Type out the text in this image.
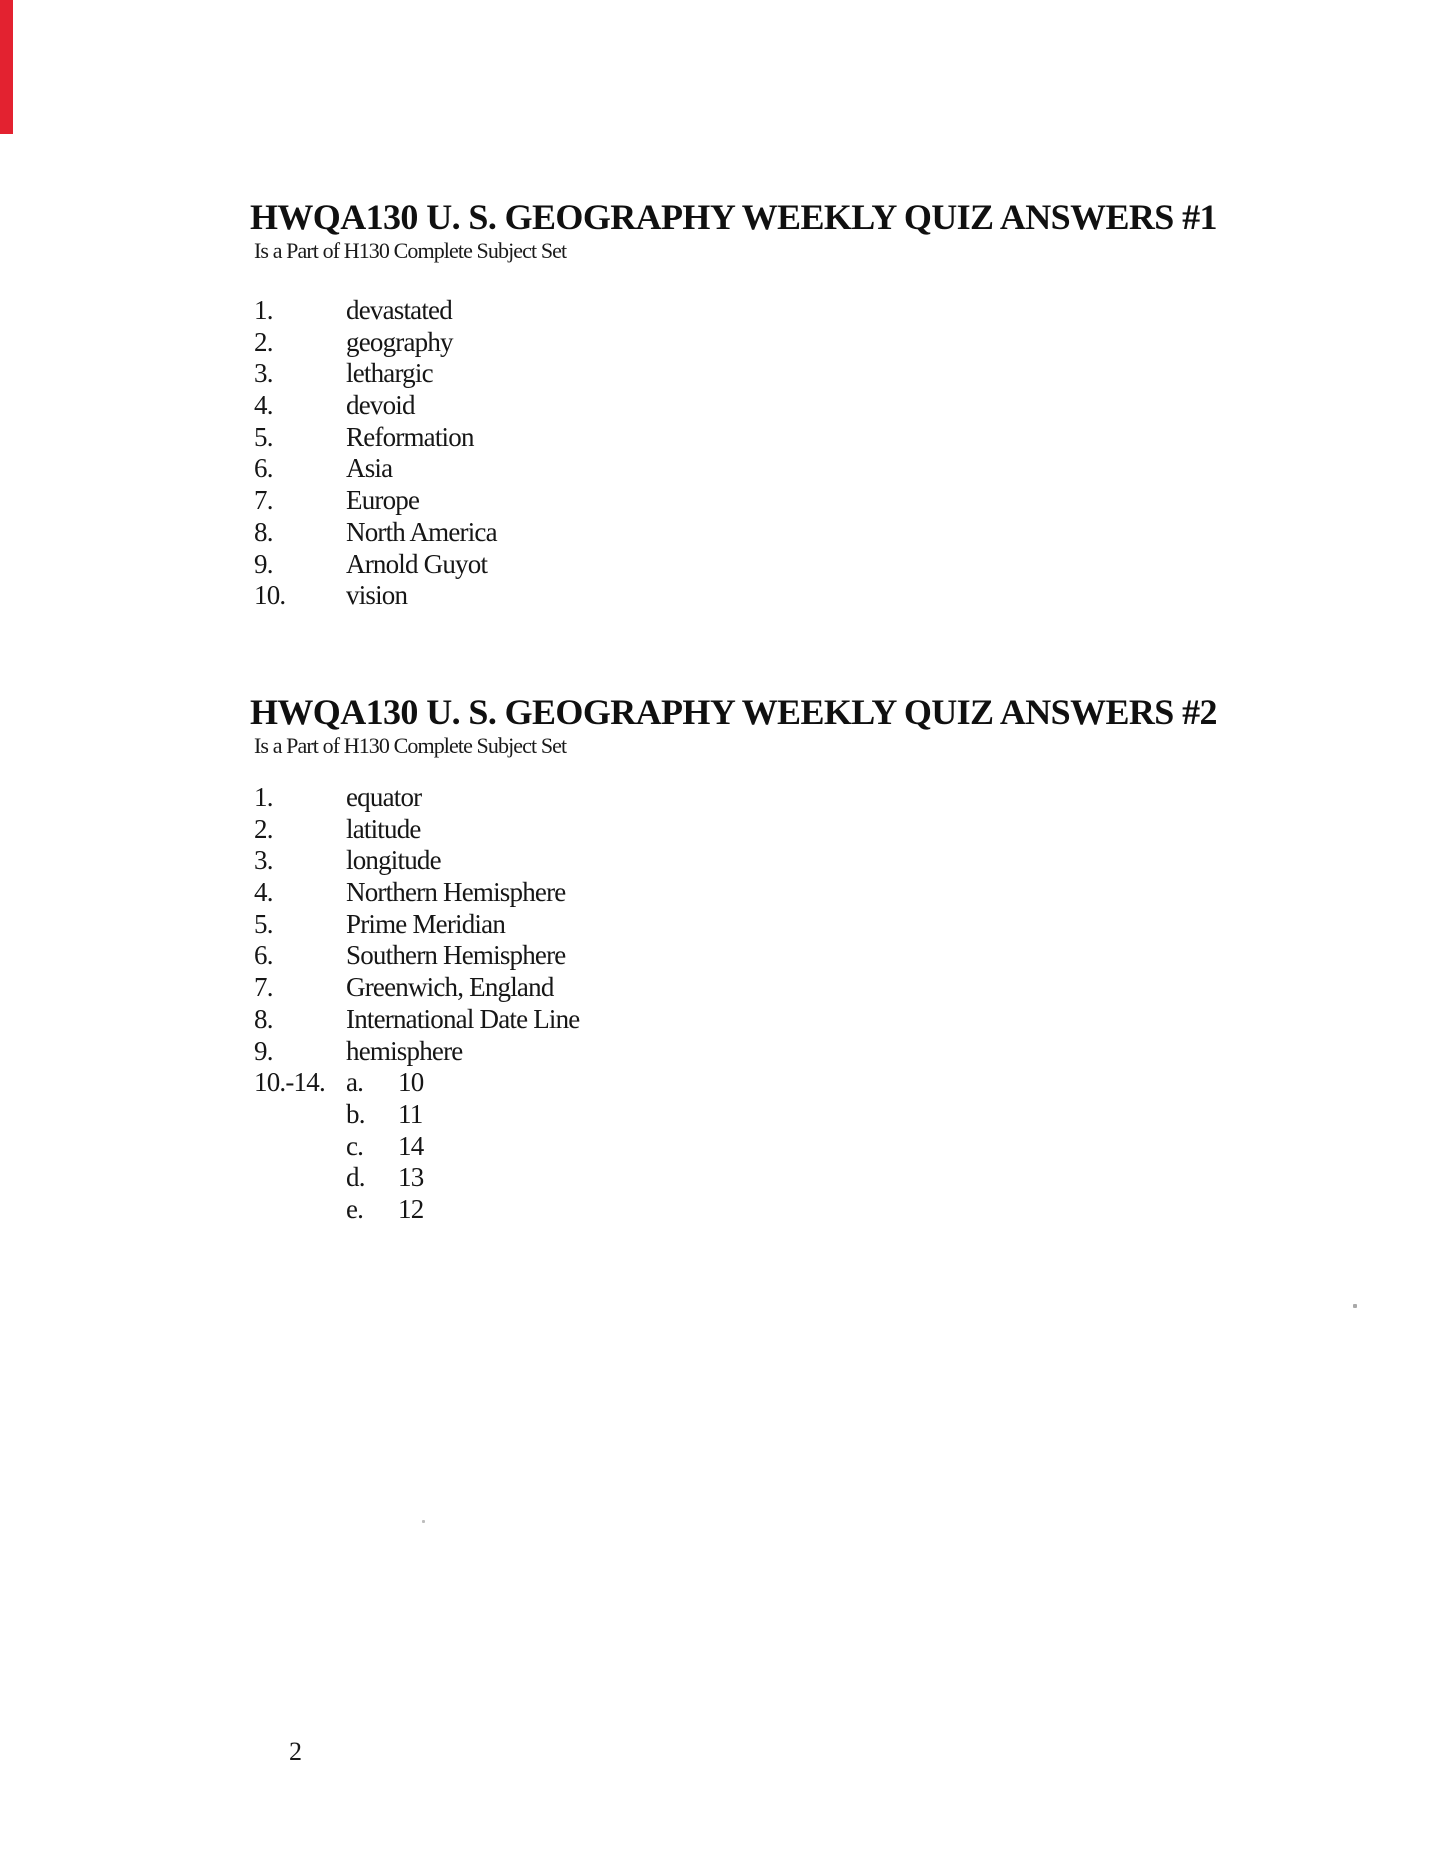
HWQA130 U. S. GEOGRAPHY WEEKLY QUIZ ANSWERS #1
Is a Part of H130 Complete Subject Set
1.	devastated
2.	geography
3.	lethargic
4.	devoid
5.	Reformation
6.	Asia
7.	Europe
8.	North America
9.	Arnold Guyot
10.	vision
HWQA130 U. S. GEOGRAPHY WEEKLY QUIZ ANSWERS #2
Is a Part of H130 Complete Subject Set
1.	equator
2.	latitude
3.	longitude
4.	Northern Hemisphere
5.	Prime Meridian
6.	Southern Hemisphere
7.	Greenwich, England
8.	International Date Line
9.	hemisphere
10.-14. a.	10
b.	11
c.	14
d.	13
e.	12
2
